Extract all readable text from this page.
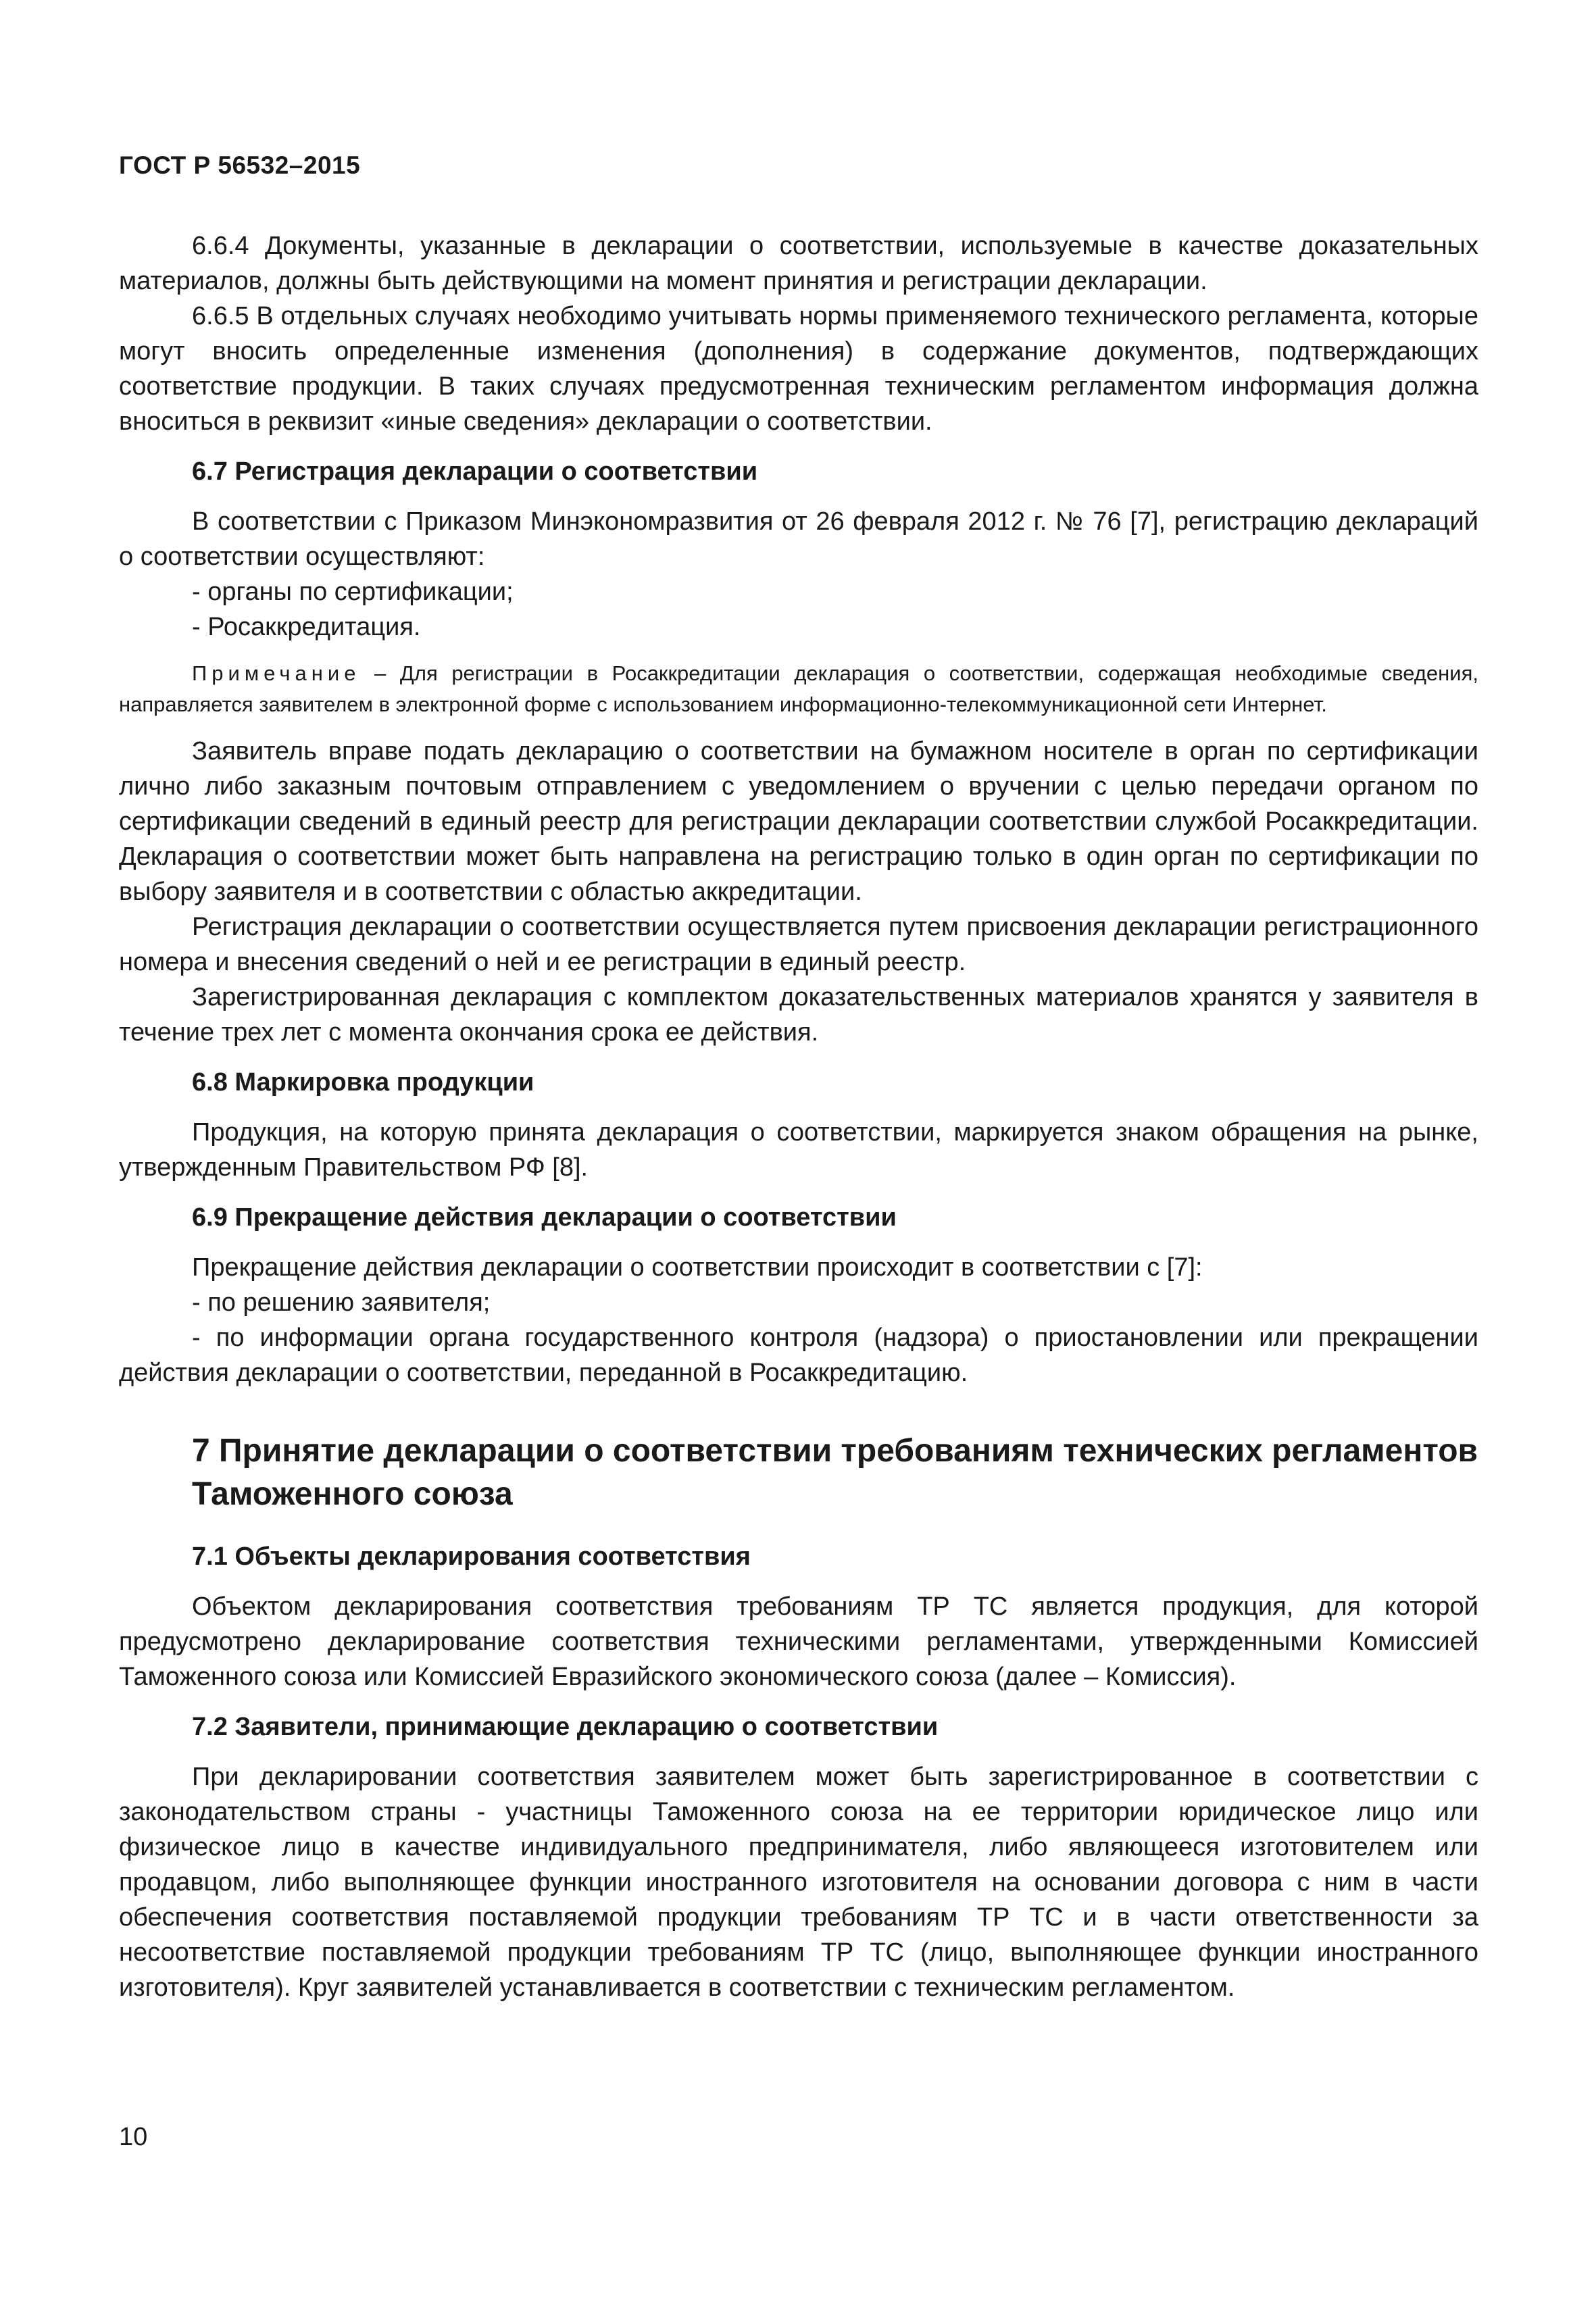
ГОСТ Р 56532–2015

6.6.4 Документы, указанные в декларации о соответствии, используемые в качестве доказательных материалов, должны быть действующими на момент принятия и регистрации декларации.

6.6.5 В отдельных случаях необходимо учитывать нормы применяемого технического регламента, которые могут вносить определенные изменения (дополнения) в содержание документов, подтверждающих соответствие продукции. В таких случаях предусмотренная техническим регламентом информация должна вноситься в реквизит «иные сведения» декларации о соответствии.

6.7 Регистрация декларации о соответствии

В соответствии с Приказом Минэкономразвития от 26 февраля 2012 г. № 76 [7], регистрацию деклараций о соответствии осуществляют:

- органы по сертификации;

- Росаккредитация.

Примечание – Для регистрации в Росаккредитации декларация о соответствии, содержащая необходимые сведения, направляется заявителем в электронной форме с использованием информационно-телекоммуникационной сети Интернет.

Заявитель вправе подать декларацию о соответствии на бумажном носителе в орган по сертификации лично либо заказным почтовым отправлением с уведомлением о вручении с целью передачи органом по сертификации сведений в единый реестр для регистрации декларации соответствии службой Росаккредитации. Декларация о соответствии может быть направлена на регистрацию только в один орган по сертификации по выбору заявителя и в соответствии с областью аккредитации.

Регистрация декларации о соответствии осуществляется путем присвоения декларации регистрационного номера и внесения сведений о ней и ее регистрации в единый реестр.

Зарегистрированная декларация с комплектом доказательственных материалов хранятся у заявителя в течение трех лет с момента окончания срока ее действия.

6.8 Маркировка продукции

Продукция, на которую принята декларация о соответствии, маркируется знаком обращения на рынке, утвержденным Правительством РФ [8].

6.9 Прекращение действия декларации о соответствии

Прекращение действия декларации о соответствии происходит в соответствии с [7]:

- по решению заявителя;

- по информации органа государственного контроля (надзора) о приостановлении или прекращении действия декларации о соответствии, переданной в Росаккредитацию.

7 Принятие декларации о соответствии требованиям технических регламентов Таможенного союза
7.1 Объекты декларирования соответствия

Объектом декларирования соответствия требованиям ТР ТС является продукция, для которой предусмотрено декларирование соответствия техническими регламентами, утвержденными Комиссией Таможенного союза или Комиссией Евразийского экономического союза (далее – Комиссия).

7.2 Заявители, принимающие декларацию о соответствии

При декларировании соответствия заявителем может быть зарегистрированное в соответствии с законодательством страны - участницы Таможенного союза на ее территории юридическое лицо или физическое лицо в качестве индивидуального предпринимателя, либо являющееся изготовителем или продавцом, либо выполняющее функции иностранного изготовителя на основании договора с ним в части обеспечения соответствия поставляемой продукции требованиям ТР ТС и в части ответственности за несоответствие поставляемой продукции требованиям ТР ТС (лицо, выполняющее функции иностранного изготовителя). Круг заявителей устанавливается в соответствии с техническим регламентом.

10
